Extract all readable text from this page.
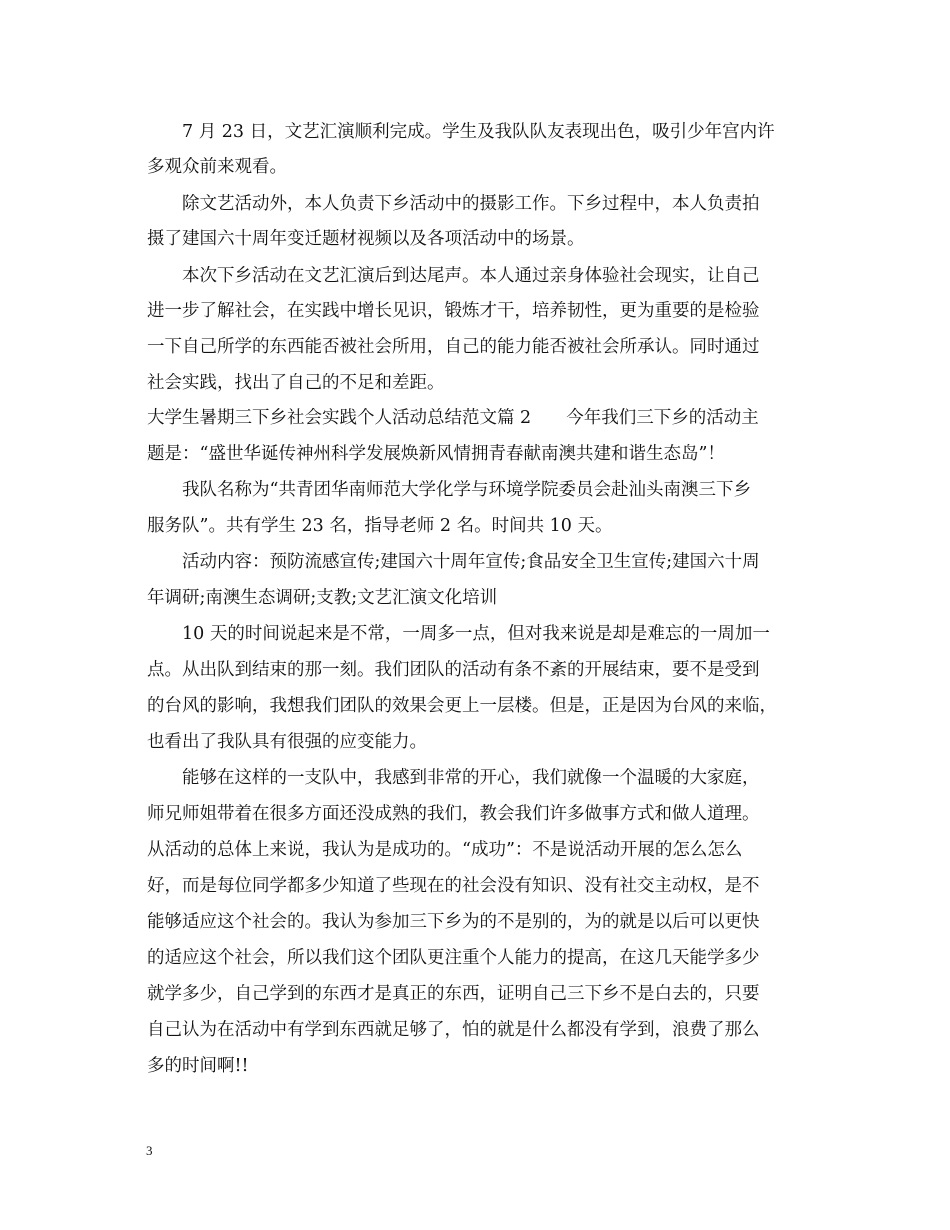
7 月 23 日，文艺汇演顺利完成。学生及我队队友表现出色，吸引少年宫内许
多观众前来观看。
除文艺活动外，本人负责下乡活动中的摄影工作。下乡过程中，本人负责拍
摄了建国六十周年变迁题材视频以及各项活动中的场景。
本次下乡活动在文艺汇演后到达尾声。本人通过亲身体验社会现实，让自己
进一步了解社会，在实践中增长见识，锻炼才干，培养韧性，更为重要的是检验
一下自己所学的东西能否被社会所用，自己的能力能否被社会所承认。同时通过
社会实践，找出了自己的不足和差距。
大学生暑期三下乡社会实践个人活动总结范文篇 2　　今年我们三下乡的活动主
题是：“盛世华诞传神州科学发展焕新风情拥青春献南澳共建和谐生态岛”！
我队名称为“共青团华南师范大学化学与环境学院委员会赴汕头南澳三下乡
服务队”。共有学生 23 名，指导老师 2 名。时间共 10 天。
活动内容：预防流感宣传;建国六十周年宣传;食品安全卫生宣传;建国六十周
年调研;南澳生态调研;支教;文艺汇演文化培训
10 天的时间说起来是不常，一周多一点，但对我来说是却是难忘的一周加一
点。从出队到结束的那一刻。我们团队的活动有条不紊的开展结束，要不是受到
的台风的影响，我想我们团队的效果会更上一层楼。但是，正是因为台风的来临，
也看出了我队具有很强的应变能力。
能够在这样的一支队中，我感到非常的开心，我们就像一个温暖的大家庭，
师兄师姐带着在很多方面还没成熟的我们，教会我们许多做事方式和做人道理。
从活动的总体上来说，我认为是成功的。“成功”：不是说活动开展的怎么怎么
好，而是每位同学都多少知道了些现在的社会没有知识、没有社交主动权，是不
能够适应这个社会的。我认为参加三下乡为的不是别的，为的就是以后可以更快
的适应这个社会，所以我们这个团队更注重个人能力的提高，在这几天能学多少
就学多少，自己学到的东西才是真正的东西，证明自己三下乡不是白去的，只要
自己认为在活动中有学到东西就足够了，怕的就是什么都没有学到，浪费了那么
多的时间啊!!
3
